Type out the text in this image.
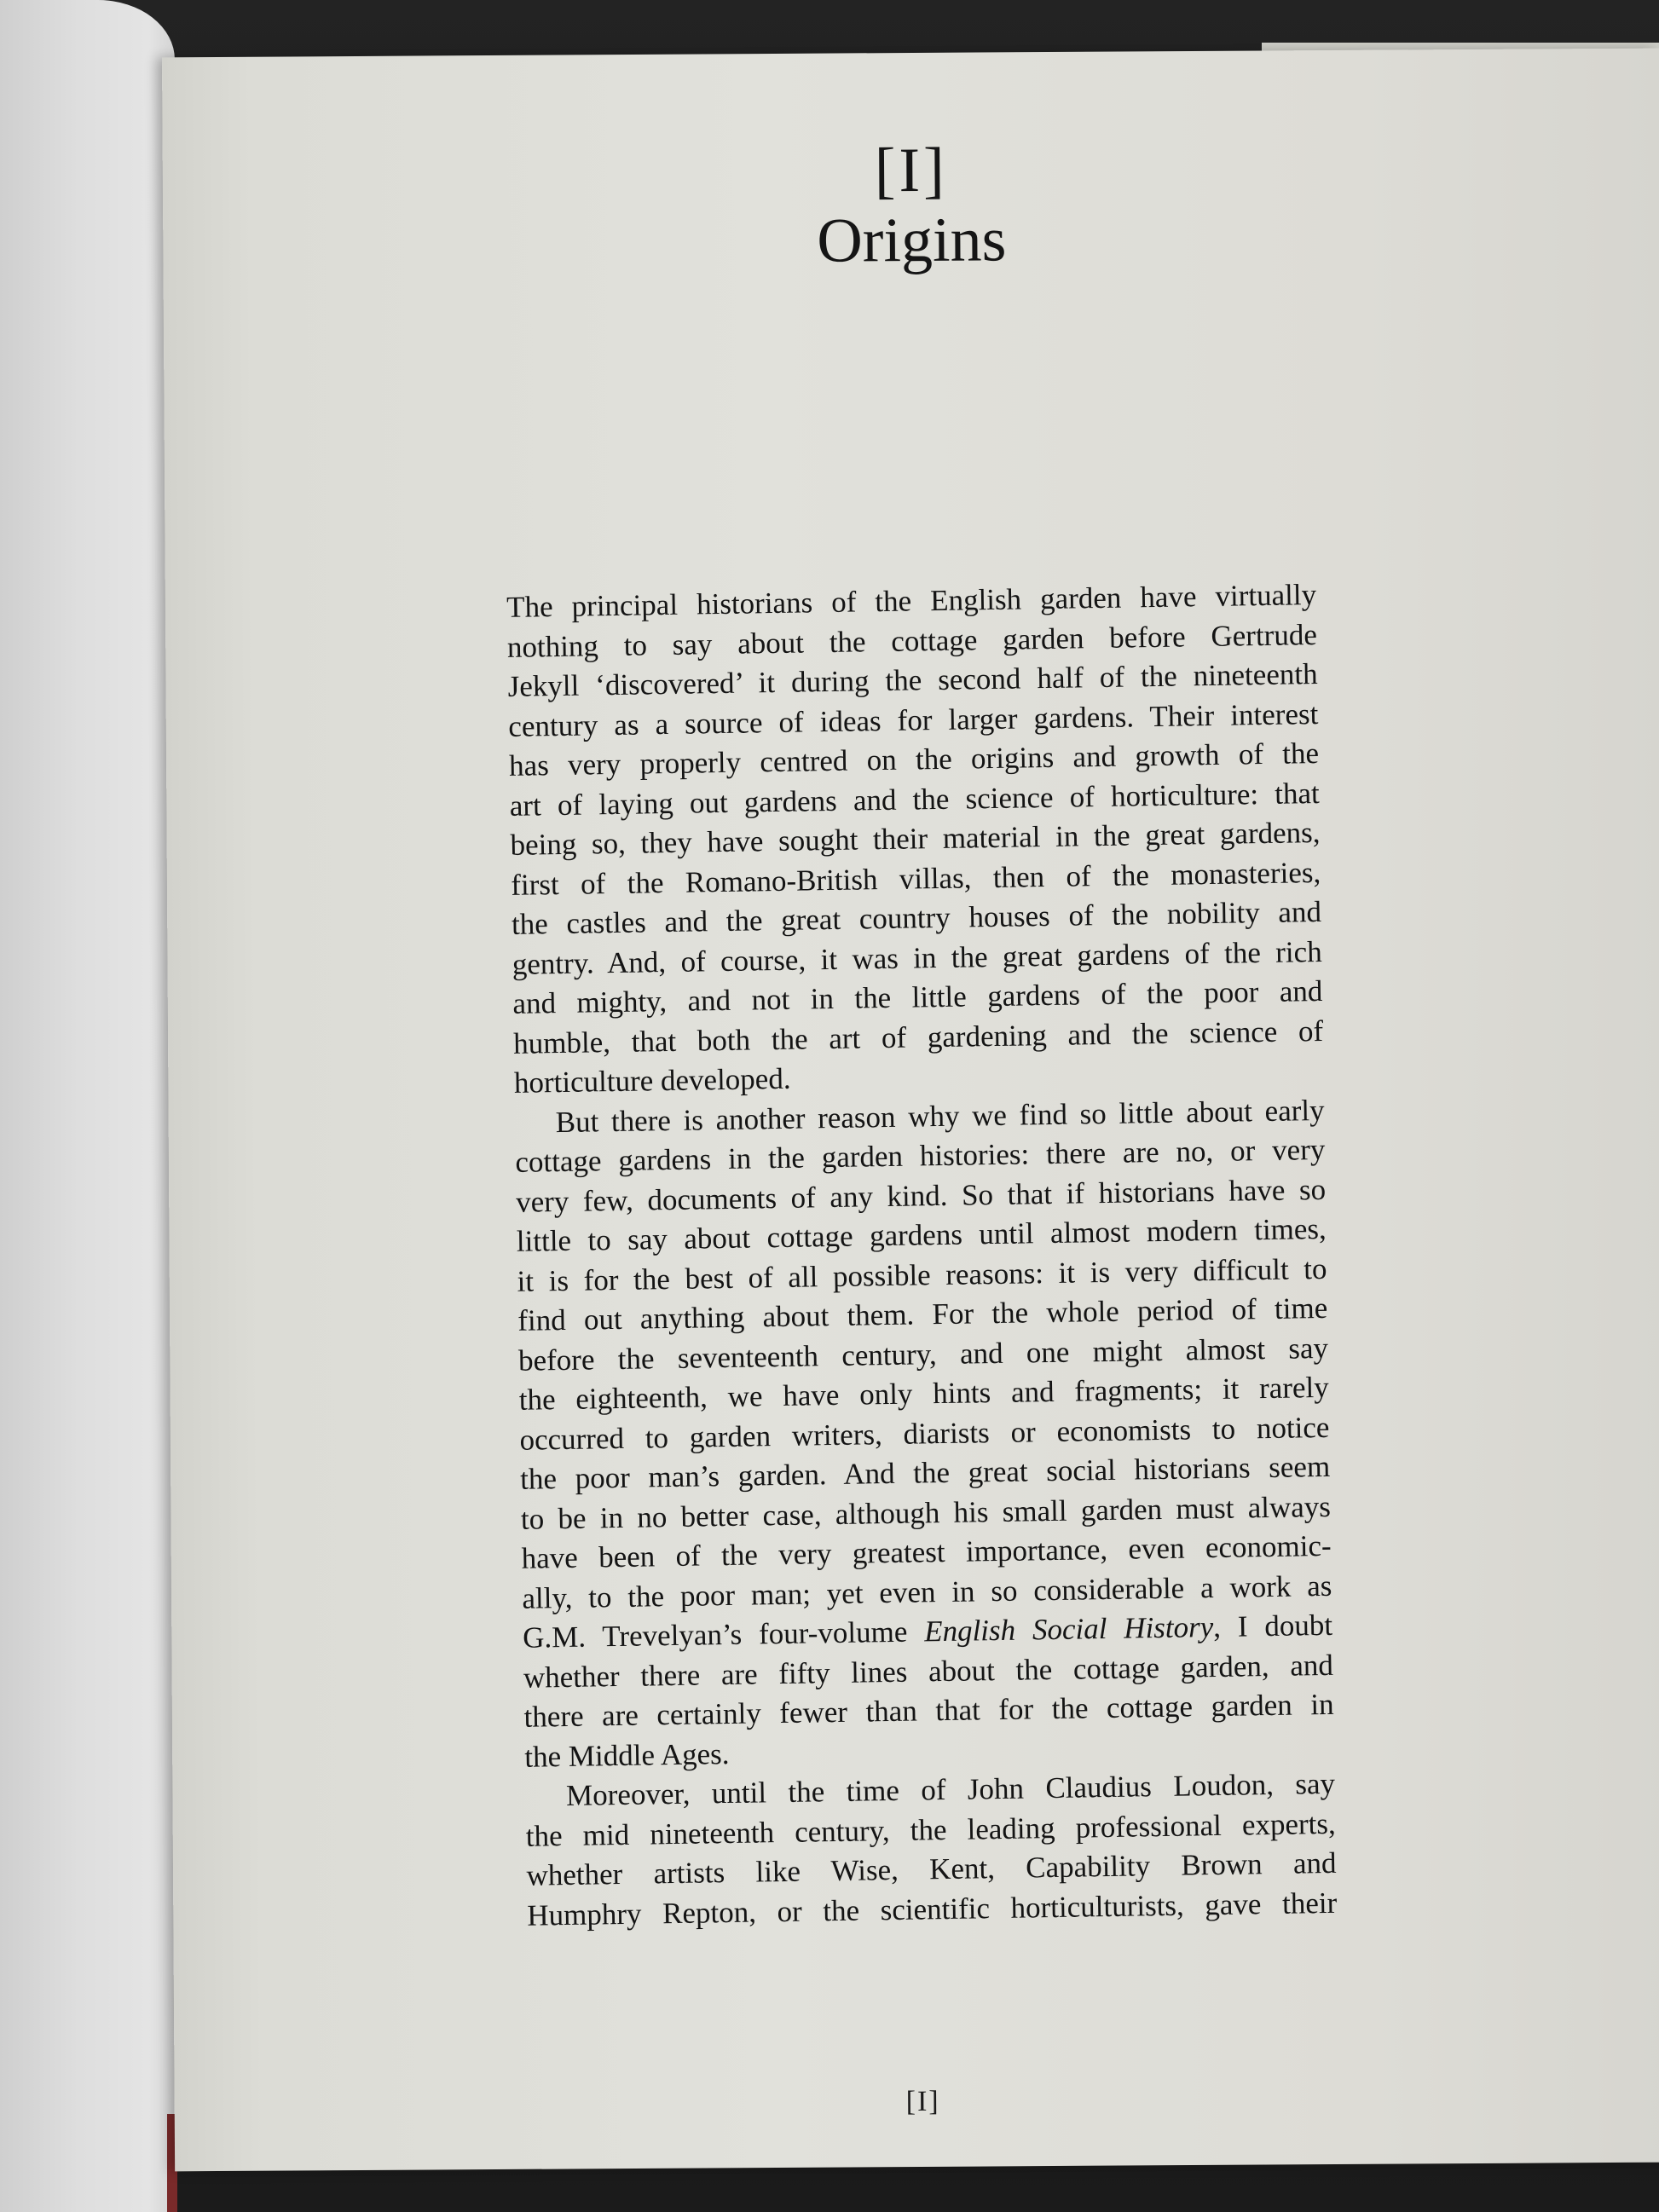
[I]
Origins

The principal historians of the English garden have virtually
nothing to say about the cottage garden before Gertrude
Jekyll ‘discovered’ it during the second half of the nineteenth
century as a source of ideas for larger gardens. Their interest
has very properly centred on the origins and growth of the
art of laying out gardens and the science of horticulture: that
being so, they have sought their material in the great gardens,
first of the Romano-British villas, then of the monasteries,
the castles and the great country houses of the nobility and
gentry. And, of course, it was in the great gardens of the rich
and mighty, and not in the little gardens of the poor and
humble, that both the art of gardening and the science of
horticulture developed.

But there is another reason why we find so little about early
cottage gardens in the garden histories: there are no, or very
very few, documents of any kind. So that if historians have so
little to say about cottage gardens until almost modern times,
it is for the best of all possible reasons: it is very difficult to
find out anything about them. For the whole period of time
before the seventeenth century, and one might almost say
the eighteenth, we have only hints and fragments; it rarely
occurred to garden writers, diarists or economists to notice
the poor man’s garden. And the great social historians seem
to be in no better case, although his small garden must always
have been of the very greatest importance, even economic-
ally, to the poor man; yet even in so considerable a work as
G.M. Trevelyan’s four-volume English Social History, I doubt
whether there are fifty lines about the cottage garden, and
there are certainly fewer than that for the cottage garden in
the Middle Ages.

Moreover, until the time of John Claudius Loudon, say
the mid nineteenth century, the leading professional experts,
whether artists like Wise, Kent, Capability Brown and
Humphry Repton, or the scientific horticulturists, gave their

[I]
